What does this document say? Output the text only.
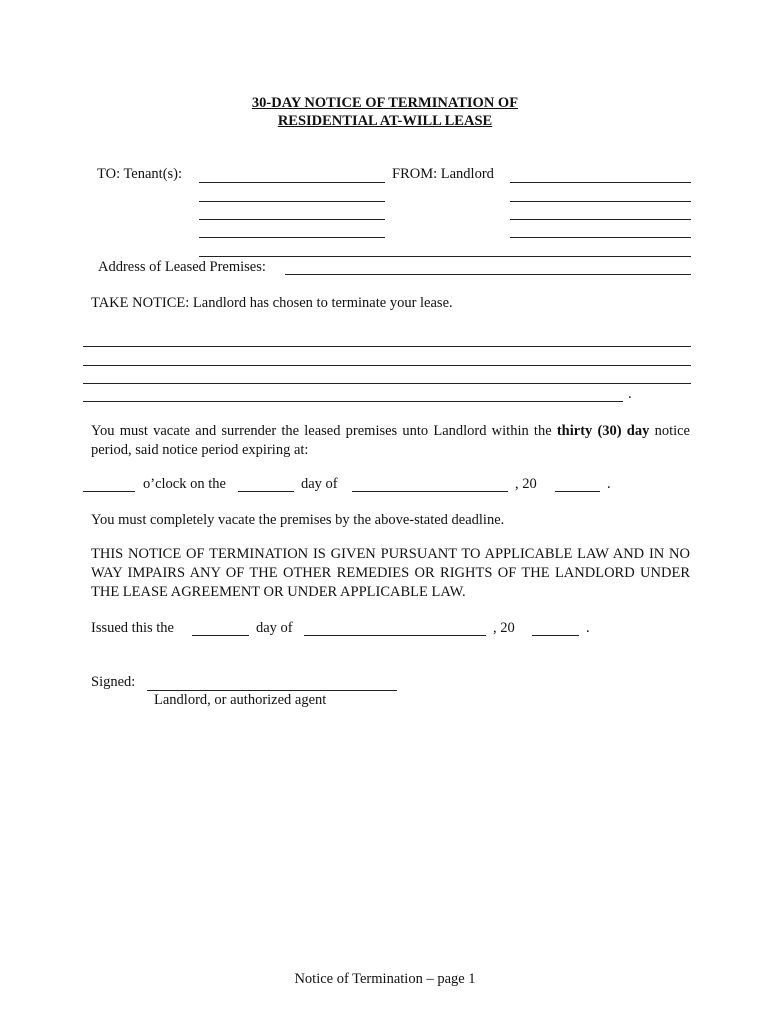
30-DAY NOTICE OF TERMINATION OF
RESIDENTIAL AT-WILL LEASE
TO: Tenant(s):	FROM: Landlord
Address of Leased Premises:
TAKE NOTICE: Landlord has chosen to terminate your lease.
.
You must vacate and surrender the leased premises unto Landlord within the thirty (30) day notice period, said notice period expiring at:
o’clock on the	day of	, 20	.
You must completely vacate the premises by the above-stated deadline.
THIS NOTICE OF TERMINATION IS GIVEN PURSUANT TO APPLICABLE LAW AND IN NO WAY IMPAIRS ANY OF THE OTHER REMEDIES OR RIGHTS OF THE LANDLORD UNDER THE LEASE AGREEMENT OR UNDER APPLICABLE LAW.
Issued this the	day of	, 20	.
Signed:
Landlord, or authorized agent
Notice of Termination – page 1
